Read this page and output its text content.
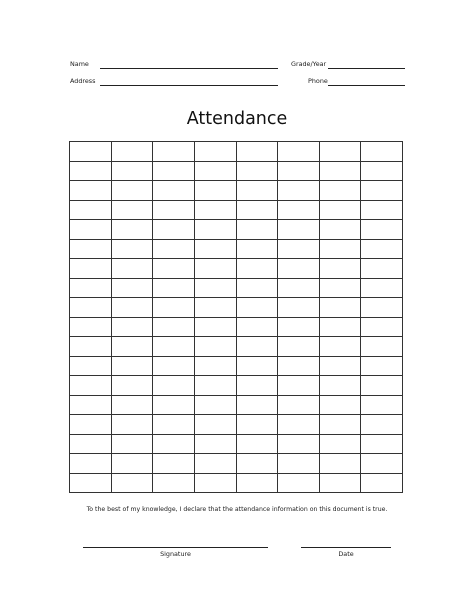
Name	Grade/Year
Address	Phone
Attendance
To the best of my knowledge, I declare that the attendance information on this document is true.
Signature	Date
